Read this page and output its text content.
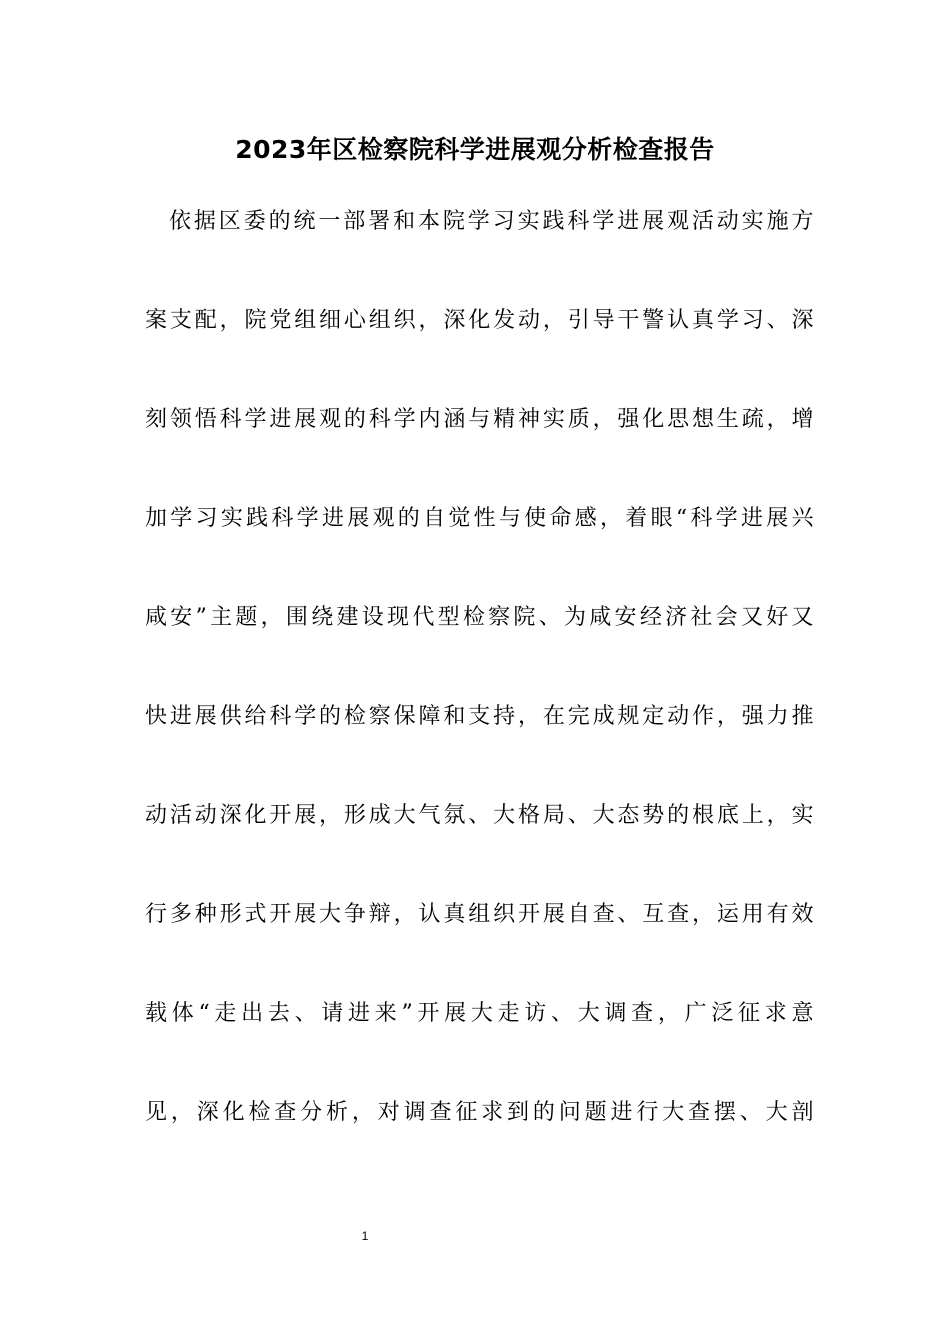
2023年区检察院科学进展观分析检查报告
依据区委的统一部署和本院学习实践科学进展观活动实施方
案支配，院党组细心组织，深化发动，引导干警认真学习、深
刻领悟科学进展观的科学内涵与精神实质，强化思想生疏，增
加学习实践科学进展观的自觉性与使命感，着眼“科学进展兴
咸安”主题，围绕建设现代型检察院、为咸安经济社会又好又
快进展供给科学的检察保障和支持，在完成规定动作，强力推
动活动深化开展，形成大气氛、大格局、大态势的根底上，实
行多种形式开展大争辩，认真组织开展自查、互查，运用有效
载体“走出去、请进来”开展大走访、大调查，广泛征求意
见，深化检查分析，对调查征求到的问题进行大查摆、大剖
1
